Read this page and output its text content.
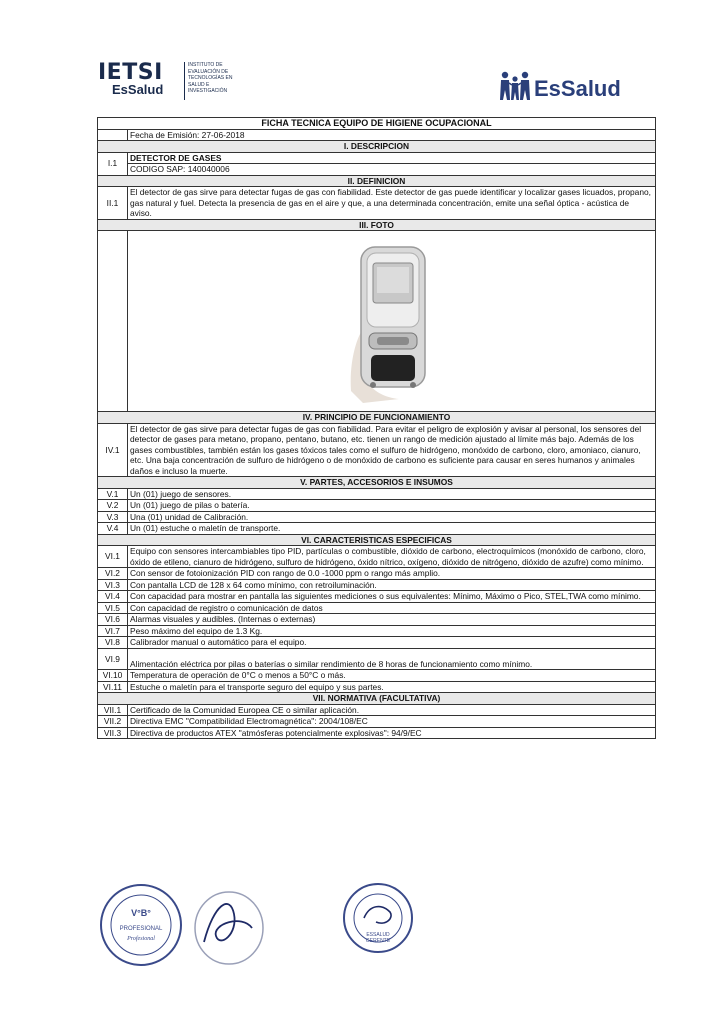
IETSI
EsSalud
INSTITUTO DE
EVALUACIÓN DE
TECNOLOGÍAS EN
SALUD E
INVESTIGACIÓN	EsSalud
FICHA TECNICA EQUIPO DE HIGIENE OCUPACIONAL	
	Fecha de Emisión: 27-06-2018
I. DESCRIPCION	
I.1	DETECTOR DE GASES
	CODIGO SAP: 140040006
II. DEFINICION	
II.1	El detector de gas sirve para detectar fugas de gas con fiabilidad. Este detector de gas puede identificar y localizar gases licuados, propano, gas natural y fuel. Detecta la presencia de gas en el aire y que, a una determinada concentración, emite una señal óptica - acústica de aviso.
III. FOTO	

IV. PRINCIPIO DE FUNCIONAMIENTO	
IV.1	El detector de gas sirve para detectar fugas de gas con fiabilidad. Para evitar el peligro de explosión y avisar al personal, los sensores del detector de gases para metano, propano, pentano, butano, etc. tienen un rango de medición ajustado al límite más bajo. Además de los gases combustibles, también están los gases tóxicos tales como el sulfuro de hidrógeno, monóxido de carbono, cloro, amoniaco, cianuro, etc. Una baja concentración de sulfuro de hidrógeno o de monóxido de carbono es suficiente para causar en seres humanos y animales daños e incluso la muerte.
V. PARTES, ACCESORIOS E INSUMOS	
V.1	Un (01) juego de sensores.
V.2	Un (01) juego de pilas o batería.
V.3	Una (01) unidad de Calibración.
V.4	Un (01) estuche o maletín de transporte.
VI. CARACTERISTICAS ESPECIFICAS	
VI.1	Equipo con sensores intercambiables tipo PID, partículas o combustible, dióxido de carbono, electroquímicos (monóxido de carbono, cloro, óxido de etileno, cianuro de hidrógeno, sulfuro de hidrógeno, óxido nítrico, oxígeno, dióxido de nitrógeno, dióxido de azufre) como mínimo.
VI.2	Con sensor de fotoionización PID con rango de 0.0 -1000 ppm o rango más amplio.
VI.3	Con pantalla LCD de 128 x 64 como mínimo, con retroiluminación.
VI.4	Con capacidad para mostrar en pantalla las siguientes mediciones o sus equivalentes: Mínimo, Máximo o Pico, STEL,TWA como mínimo.
VI.5	Con capacidad de registro o comunicación de datos
VI.6	Alarmas visuales y audibles. (Internas o externas)
VI.7	Peso máximo del equipo de 1.3 Kg.
VI.8	Calibrador manual o automático para el equipo.
VI.9	Alimentación eléctrica por pilas o baterías o similar rendimiento de 8 horas de funcionamiento como mínimo.
VI.10	Temperatura de operación de 0°C o menos a 50°C o más.
VI.11	Estuche o maletín para el transporte seguro del equipo y sus partes.
VII. NORMATIVA (FACULTATIVA)	
VII.1	Certificado de la Comunidad Europea CE o similar aplicación.
VII.2	Directiva EMC "Compatibilidad Electromagnética": 2004/108/EC
VII.3	Directiva de productos ATEX "atmósferas potencialmente explosivas": 94/9/EC
V°B°
PROFESIONAL
Profesional
ESSALUD
GERENTE
